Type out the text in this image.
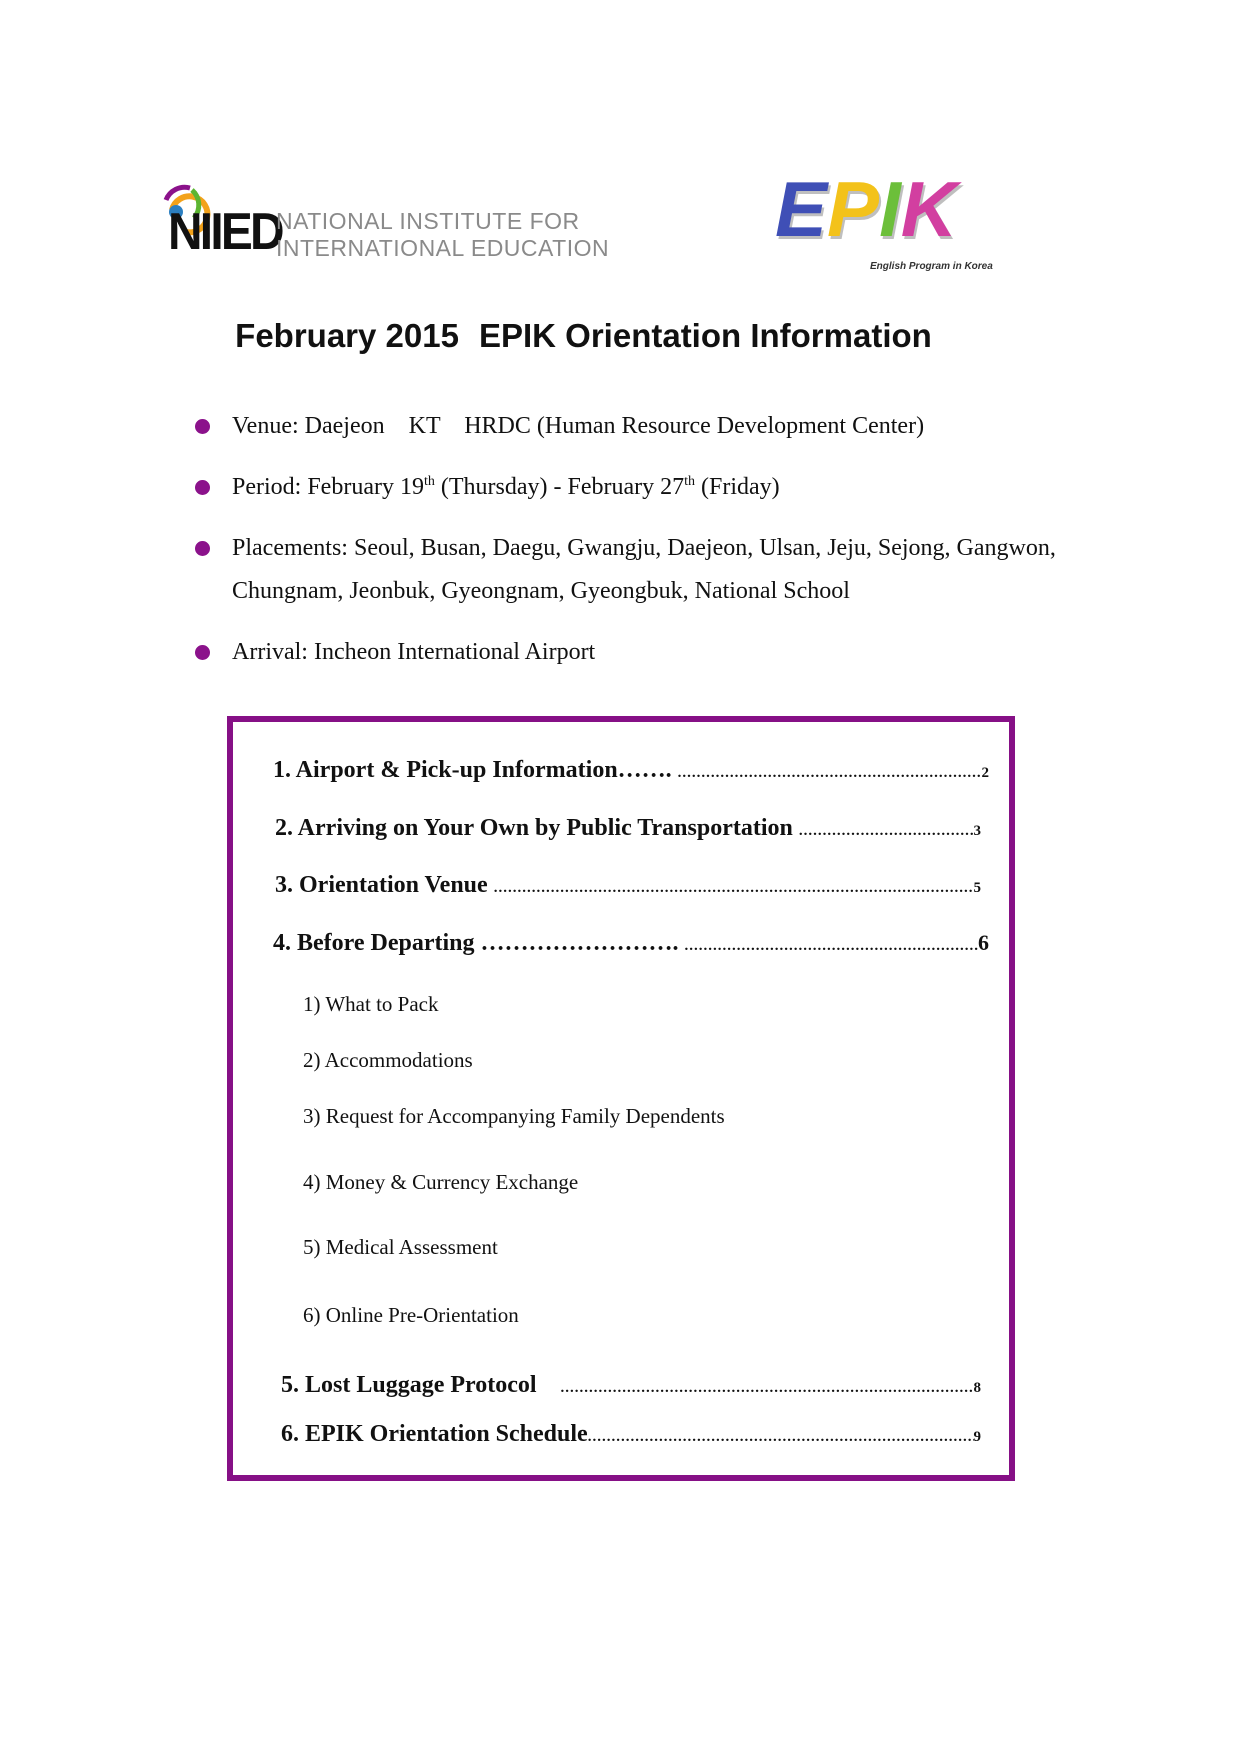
NIIED
NATIONAL INSTITUTE FOR
INTERNATIONAL EDUCATION EPIK
English Program in Korea
February 2015 EPIK Orientation Information
Venue: Daejeon KT HRDC (Human Resource Development Center)
Period: February 19th (Thursday) - February 27th (Friday)
Placements: Seoul, Busan, Daegu, Gwangju, Daejeon, Ulsan, Jeju, Sejong, Gangwon,
Chungnam, Jeonbuk, Gyeongnam, Gyeongbuk, National School
Arrival: Incheon International Airport
1. Airport & Pick-up Information……. .....	2
2. Arriving on Your Own by Public Transportation .....	3
3. Orientation Venue .....	5
4. Before Departing ……………………. .....	6
1) What to Pack
2) Accommodations
3) Request for Accompanying Family Dependents
4) Money & Currency Exchange
5) Medical Assessment
6) Online Pre-Orientation
5. Lost Luggage Protocol .....	8
6. EPIK Orientation Schedule .....	9
